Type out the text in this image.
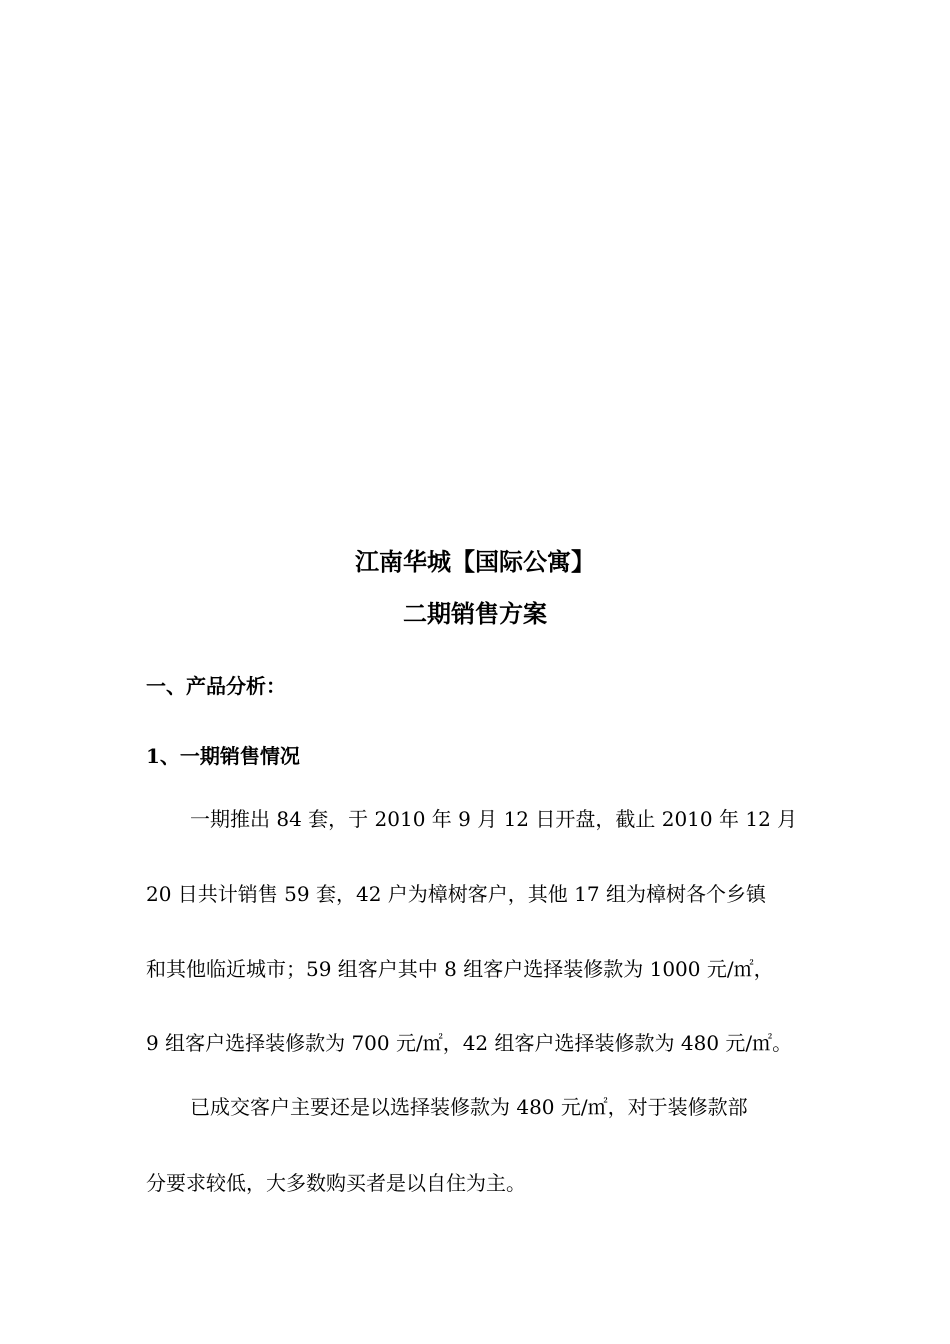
江南华城【国际公寓】
二期销售方案
一、产品分析：
1、一期销售情况
一期推出 84 套，于 2010 年 9 月 12 日开盘，截止 2010 年 12 月
20 日共计销售 59 套，42 户为樟树客户，其他 17 组为樟树各个乡镇
和其他临近城市；59 组客户其中 8 组客户选择装修款为 1000 元/㎡，
9 组客户选择装修款为 700 元/㎡，42 组客户选择装修款为 480 元/㎡。
已成交客户主要还是以选择装修款为 480 元/㎡，对于装修款部
分要求较低，大多数购买者是以自住为主。
